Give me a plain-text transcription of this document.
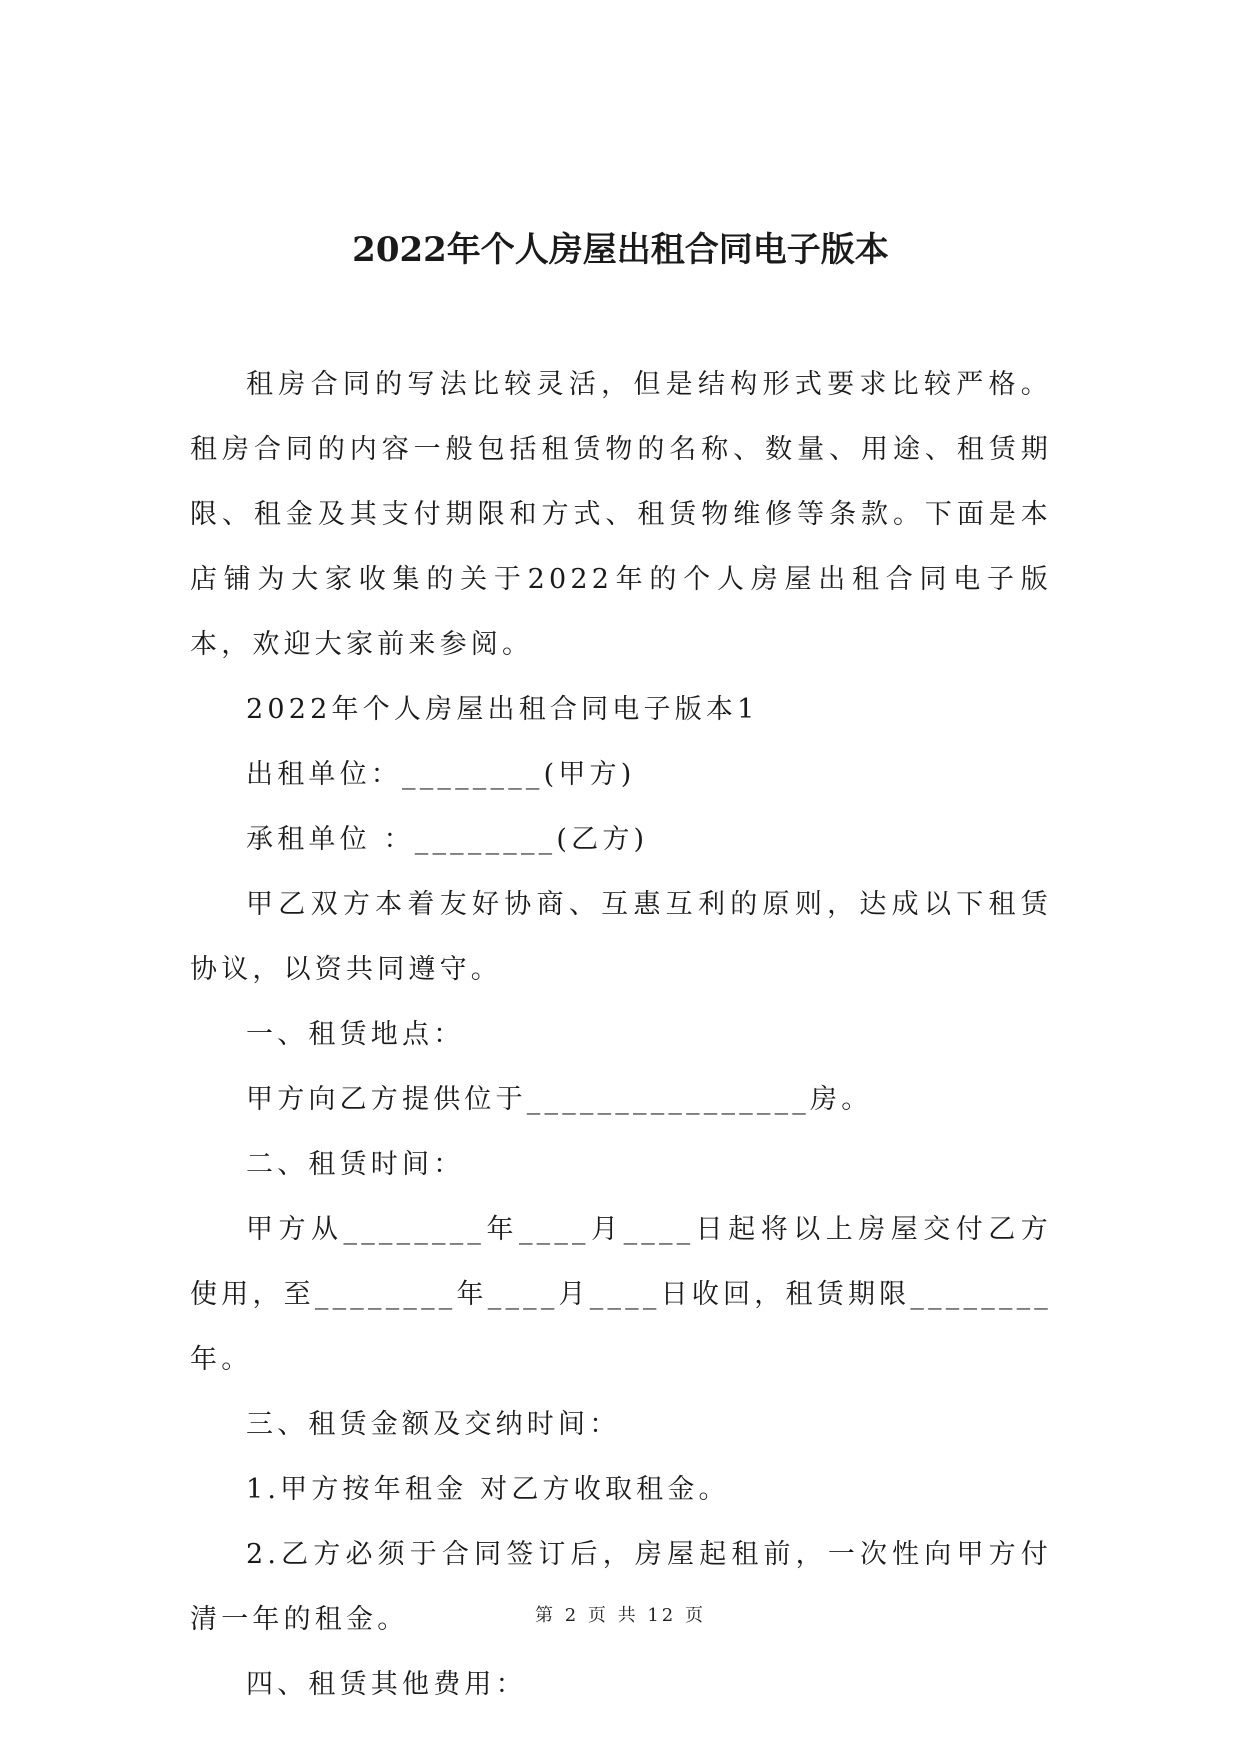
2022年个人房屋出租合同电子版本

租房合同的写法比较灵活，但是结构形式要求比较严格。租房合同的内容一般包括租赁物的名称、数量、用途、租赁期限、租金及其支付期限和方式、租赁物维修等条款。下面是本店铺为大家收集的关于2022年的个人房屋出租合同电子版本，欢迎大家前来参阅。

2022年个人房屋出租合同电子版本1

出租单位：________(甲方)

承租单位 ：________(乙方)

甲乙双方本着友好协商、互惠互利的原则，达成以下租赁协议，以资共同遵守。

一、租赁地点：

甲方向乙方提供位于________________房。

二、租赁时间：

甲方从________年____月____日起将以上房屋交付乙方使用，至________年____月____日收回，租赁期限________年。

三、租赁金额及交纳时间：

1.甲方按年租金 对乙方收取租金。

2.乙方必须于合同签订后，房屋起租前，一次性向甲方付清一年的租金。

四、租赁其他费用：

第 2 页 共 12 页
